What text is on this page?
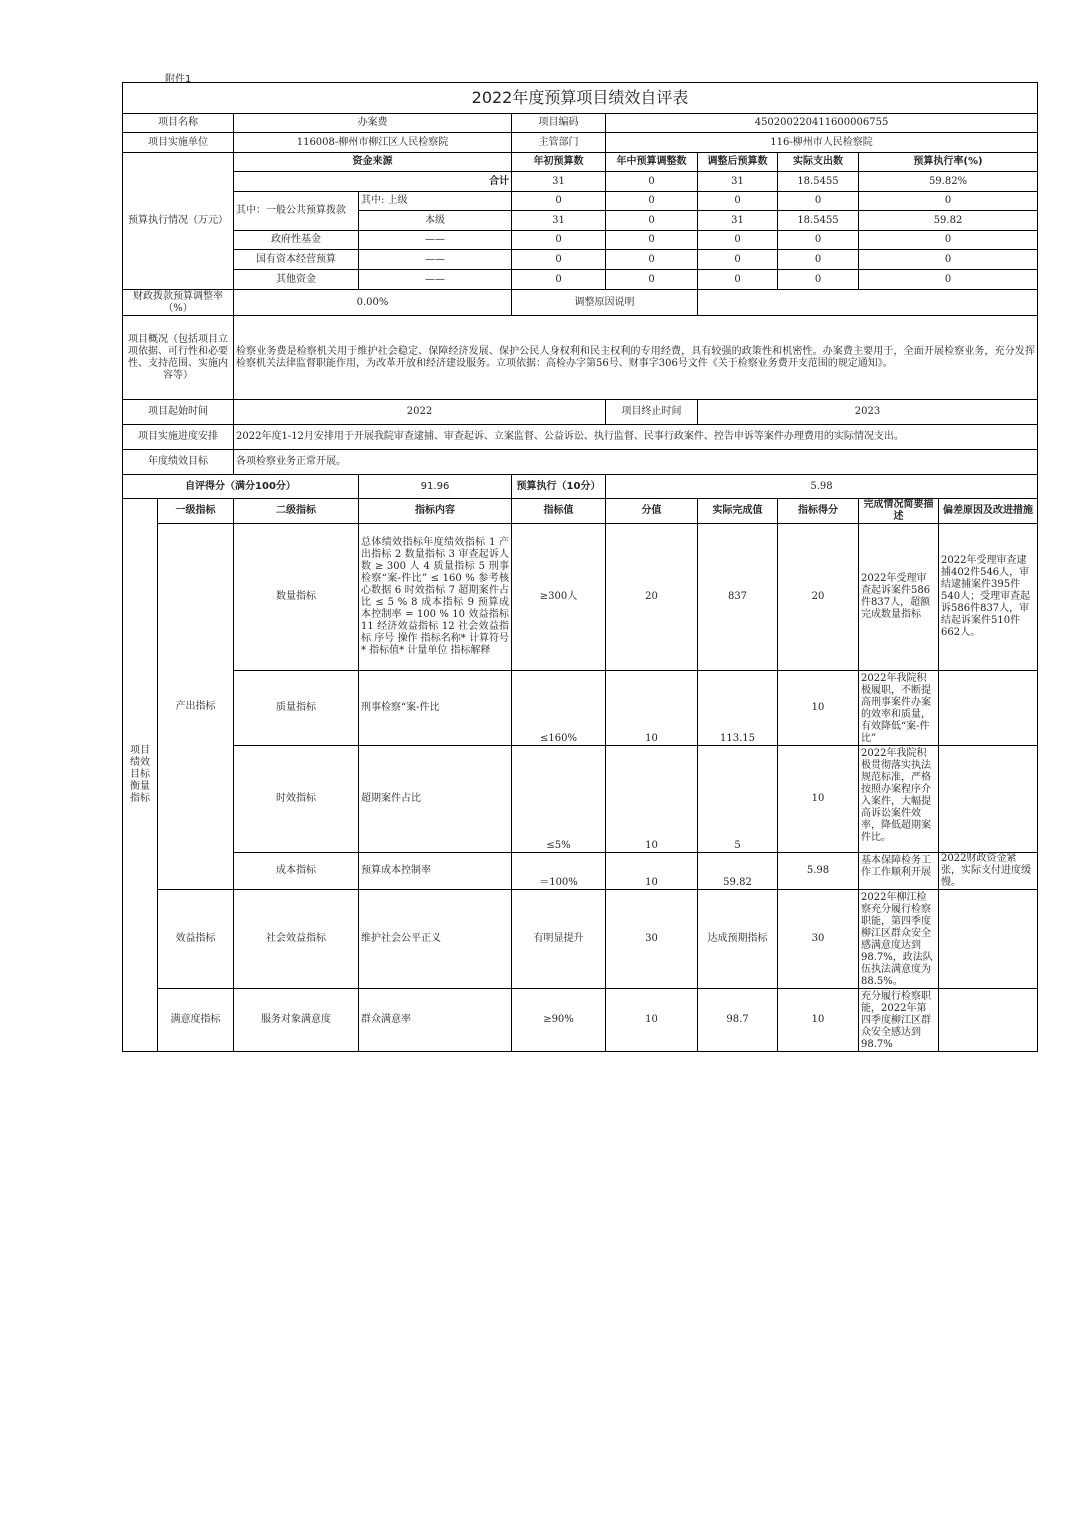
附件1
2022年度预算项目绩效自评表									
项目名称		办案费		项目编码	450200220411600006755				
项目实施单位		116008-柳州市柳江区人民检察院		主管部门	116-柳州市人民检察院				
预算执行情况（万元）		资金来源		年初预算数	年中预算调整数	调整后预算数	实际支出数	预算执行率(%)	
		合计		31	0	31	18.5455	59.82%	
		其中：一般公共预算拨款	其中: 上级	0	0	0	0	0	
			本级	31	0	31	18.5455	59.82	
		政府性基金	——	0	0	0	0	0	
		国有资本经营预算	——	0	0	0	0	0	
		其他资金	——	0	0	0	0	0	
财政拨款预算调整率（%）		0.00%		调整原因说明					
项目概况（包括项目立项依据、可行性和必要性、支持范围、实施内容等）		检察业务费是检察机关用于维护社会稳定、保障经济发展、保护公民人身权利和民主权利的专用经费，具有较强的政策性和机密性。办案费主要用于，全面开展检察业务，充分发挥检察机关法律监督职能作用，为改革开放和经济建设服务。立项依据：高检办字第56号、财事字306号文件《关于检察业务费开支范围的规定通知》。							
项目起始时间		2022			项目终止时间	2023			
项目实施进度安排		2022年度1-12月安排用于开展我院审查逮捕、审查起诉、立案监督、公益诉讼、执行监督、民事行政案件、控告申诉等案件办理费用的实际情况支出。							
年度绩效目标		各项检察业务正常开展。							
自评得分（满分100分）			91.96	预算执行（10分）	5.98				
项目绩效目标衡量指标	一级指标	二级指标	指标内容	指标值	分值	实际完成值	指标得分	完成情况简要描述	偏差原因及改进措施
	产出指标	数量指标	总体绩效指标年度绩效指标 1 产出指标 2 数量指标 3 审查起诉人数 ≥ 300 人 4 质量指标 5 刑事检察“案-件比” ≤ 160 % 参考核心数据 6 时效指标 7 超期案件占比 ≤ 5 % 8 成本指标 9 预算成本控制率 = 100 % 10 效益指标 11 经济效益指标 12 社会效益指标 序号 操作 指标名称* 计算符号* 指标值* 计量单位 指标解释	≥300人	20	837	20	2022年受理审查起诉案件586件837人，超额完成数量指标	2022年受理审查逮捕402件546人，审结逮捕案件395件540人；受理审查起诉586件837人，审结起诉案件510件662人。
		质量指标	刑事检察“案-件比	≤160%	10	113.15	10	2022年我院积极履职，不断提高刑事案件办案的效率和质量，有效降低“案-件比”	
		时效指标	超期案件占比	≤5%	10	5	10	2022年我院积极贯彻落实执法规范标准，严格按照办案程序介入案件，大幅提高诉讼案件效率，降低超期案件比。	
		成本指标	预算成本控制率	＝100%	10	59.82	5.98	基本保障检务工作工作顺利开展	2022财政资金紧张，实际支付进度缓慢。
	效益指标	社会效益指标	维护社会公平正义	有明显提升	30	达成预期指标	30	2022年柳江检察充分履行检察职能，第四季度柳江区群众安全感满意度达到98.7%，政法队伍执法满意度为88.5%。	
	满意度指标	服务对象满意度	群众满意率	≥90%	10	98.7	10	充分履行检察职能，2022年第四季度柳江区群众安全感达到98.7%	
